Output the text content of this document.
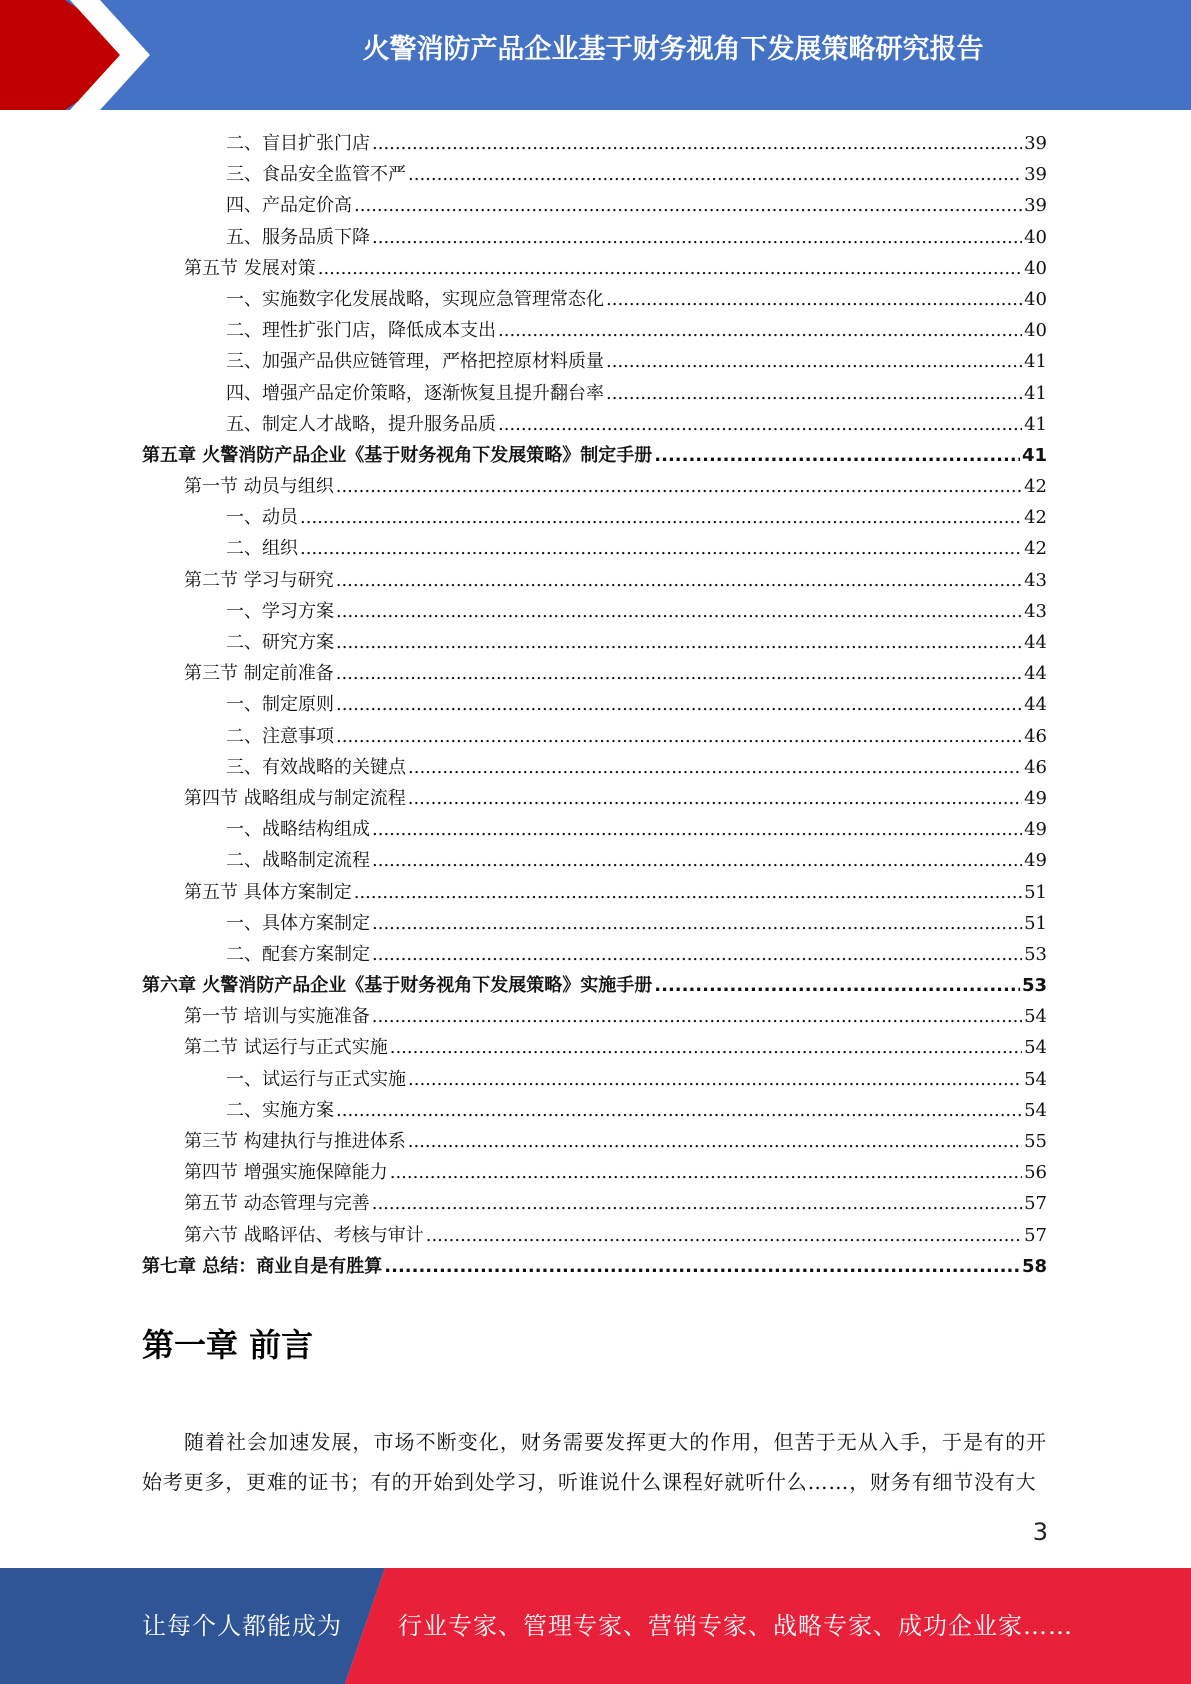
火警消防产品企业基于财务视角下发展策略研究报告
二、盲目扩张门店 .....	39
三、食品安全监管不严 .....	39
四、产品定价高 .....	39
五、服务品质下降 .....	40
第五节 发展对策 .....	40
一、实施数字化发展战略，实现应急管理常态化 .....	40
二、理性扩张门店，降低成本支出 .....	40
三、加强产品供应链管理，严格把控原材料质量 .....	41
四、增强产品定价策略，逐渐恢复且提升翻台率 .....	41
五、制定人才战略，提升服务品质 .....	41
第五章 火警消防产品企业《基于财务视角下发展策略》制定手册 .....	41
第一节 动员与组织 .....	42
一、动员 .....	42
二、组织 .....	42
第二节 学习与研究 .....	43
一、学习方案 .....	43
二、研究方案 .....	44
第三节 制定前准备 .....	44
一、制定原则 .....	44
二、注意事项 .....	46
三、有效战略的关键点 .....	46
第四节 战略组成与制定流程 .....	49
一、战略结构组成 .....	49
二、战略制定流程 .....	49
第五节 具体方案制定 .....	51
一、具体方案制定 .....	51
二、配套方案制定 .....	53
第六章 火警消防产品企业《基于财务视角下发展策略》实施手册 .....	53
第一节 培训与实施准备 .....	54
第二节 试运行与正式实施 .....	54
一、试运行与正式实施 .....	54
二、实施方案 .....	54
第三节 构建执行与推进体系 .....	55
第四节 增强实施保障能力 .....	56
第五节 动态管理与完善 .....	57
第六节 战略评估、考核与审计 .....	57
第七章 总结：商业自是有胜算 .....	58
第一章 前言
随着社会加速发展，市场不断变化，财务需要发挥更大的作用，但苦于无从入手，于是有的开始考更多，更难的证书；有的开始到处学习，听谁说什么课程好就听什么……，财务有细节没有大
3
让每个人都能成为 行业专家、管理专家、营销专家、战略专家、成功企业家……
